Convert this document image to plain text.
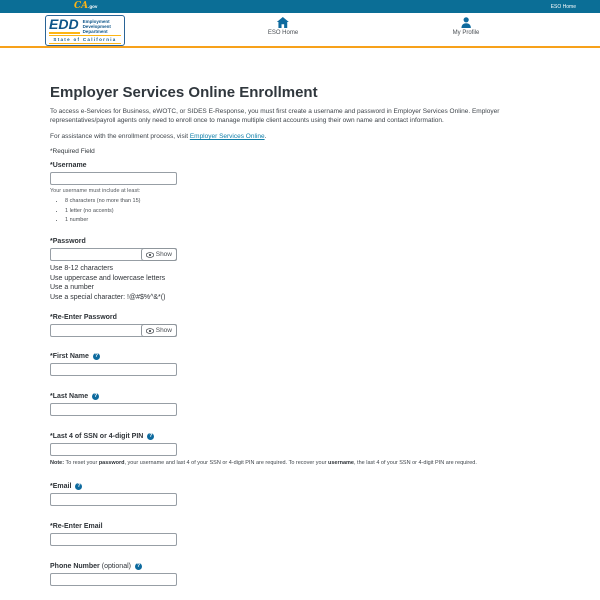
CA.gov	ESO Home
EDD Employment
Development
Department
State of California
ESO Home	My Profile
Employer Services Online Enrollment

To access e-Services for Business, eWOTC, or SIDES E-Response, you must first create a username and password in Employer Services Online. Employer representatives/payroll agents only need to enroll once to manage multiple client accounts using their own name and contact information.

For assistance with the enrollment process, visit Employer Services Online.

*Required Field

*Username
Your username must include at least:
• 8 characters (no more than 15)
• 1 letter (no accents)
• 1 number
*Password
Show
Use 8-12 characters
Use uppercase and lowercase letters
Use a number
Use a special character: !@#$%^&*()
*Re-Enter Password
Show
*First Name	?
*Last Name	?
*Last 4 of SSN or 4-digit PIN	?

Note: To reset your password, your username and last 4 of your SSN or 4-digit PIN are required. To recover your username, the last 4 of your SSN or 4-digit PIN are required.

*Email	?
*Re-Enter Email
Phone Number (optional)	?
